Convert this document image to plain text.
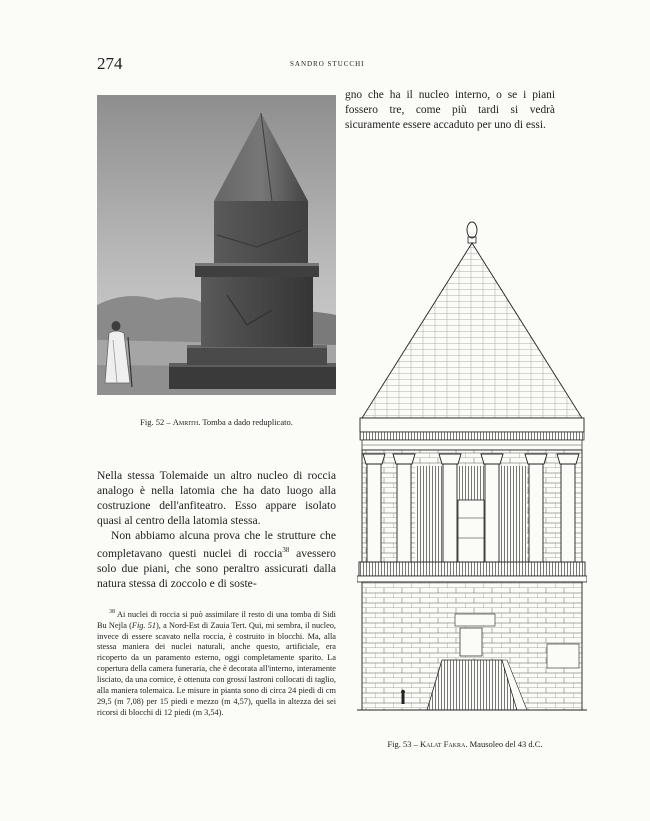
274	SANDRO STUCCHI

gno che ha il nucleo interno, o se i piani fossero tre, come più tardi si vedrà sicuramente essere accaduto per uno di essi.

Fig. 52 – Amrith. Tomba a dado reduplicato.

Nella stessa Tolemaide un altro nucleo di roccia analogo è nella latomia che ha dato luogo alla costruzione dell'anfiteatro. Esso appare isolato quasi al centro della latomia stessa.

Non abbiamo alcuna prova che le strutture che completavano questi nuclei di roccia$^{38}$ avessero solo due piani, che sono peraltro assicurati dalla natura stessa di zoccolo e di soste-

$^{38}$ Ai nuclei di roccia si può assimilare il resto di una tomba di Sidi Bu Nejla (Fig. 51), a Nord-Est di Zauia Tert. Qui, mi sembra, il nucleo, invece di essere scavato nella roccia, è costruito in blocchi. Ma, alla stessa maniera dei nuclei naturali, anche questo, artificiale, era ricoperto da un paramento esterno, oggi completamente sparito. La copertura della camera funeraria, che è decorata all'interno, interamente lisciato, da una cornice, è ottenuta con grossi lastroni collocati di taglio, alla maniera tolemaica. Le misure in pianta sono di circa 24 piedi di cm 29,5 (m 7,08) per 15 piedi e mezzo (m 4,57), quella in altezza dei sei ricorsi di blocchi di 12 piedi (m 3,54).

Fig. 53 – Kalat Fakra. Mausoleo del 43 d.C.
